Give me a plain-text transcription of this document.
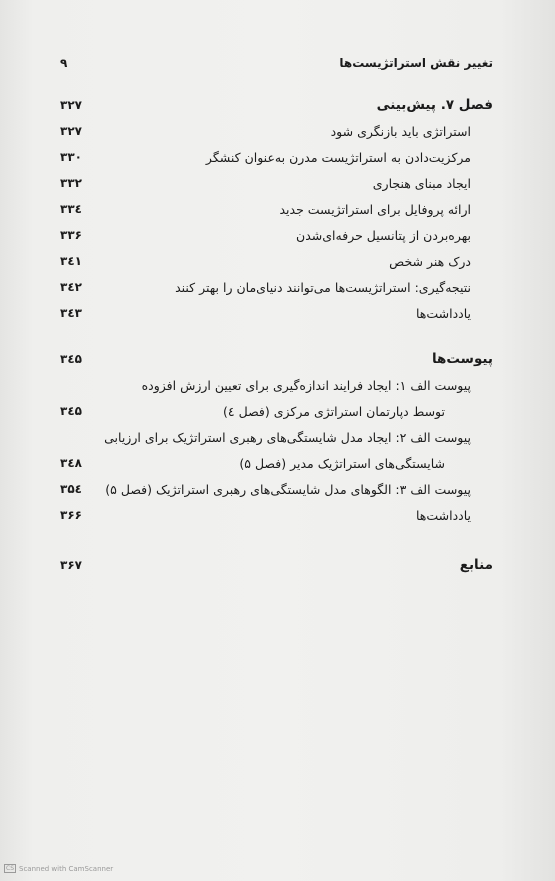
تغییر نقش استراتژیست‌ها
۹
فصل ۷. پیش‌بینی
۳۲۷
استراتژی باید بازنگری شود
۳۲۷
مرکزیت‌دادن به استراتژیست مدرن به‌عنوان کنشگر
۳۳۰
ایجاد مبنای هنجاری
۳۳۲
ارائه پروفایل برای استراتژیست جدید
۳۳٤
بهره‌بردن از پتانسیل حرفه‌ای‌شدن
۳۳۶
درک هنر شخص
۳٤۱
نتیجه‌گیری: استراتژیست‌ها می‌توانند دنیای‌مان را بهتر کنند
۳٤۲
یادداشت‌ها
۳٤۳
پیوست‌ها
۳٤۵
پیوست الف ۱: ایجاد فرایند اندازه‌گیری برای تعیین ارزش افزوده
توسط دپارتمان استراتژی مرکزی (فصل ٤)
۳٤۵
پیوست الف ۲: ایجاد مدل شایستگی‌های رهبری استراتژیک برای ارزیابی
شایستگی‌های استراتژیک مدیر (فصل ۵)
۳٤۸
پیوست الف ۳: الگوهای مدل شایستگی‌های رهبری استراتژیک (فصل ۵)
۳۵٤
یادداشت‌ها
۳۶۶
منابع
۳۶۷
CS Scanned with CamScanner
